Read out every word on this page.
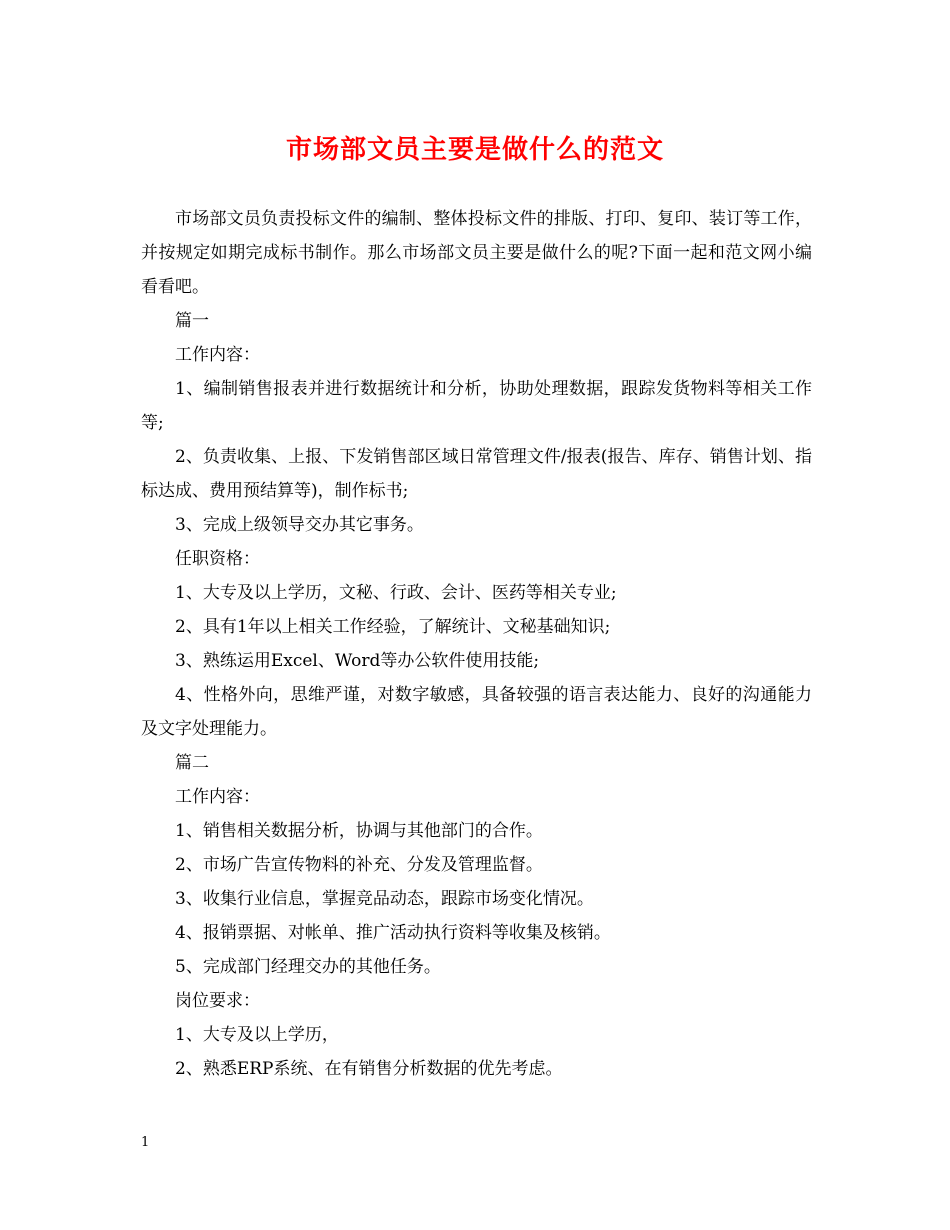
市场部文员主要是做什么的范文

市场部文员负责投标文件的编制、整体投标文件的排版、打印、复印、装订等工作，并按规定如期完成标书制作。那么市场部文员主要是做什么的呢?下面一起和范文网小编看看吧。

篇一

工作内容：

1、编制销售报表并进行数据统计和分析，协助处理数据，跟踪发货物料等相关工作等;

2、负责收集、上报、下发销售部区域日常管理文件/报表(报告、库存、销售计划、指标达成、费用预结算等)，制作标书;

3、完成上级领导交办其它事务。

任职资格：

1、大专及以上学历，文秘、行政、会计、医药等相关专业;

2、具有1年以上相关工作经验，了解统计、文秘基础知识;

3、熟练运用Excel、Word等办公软件使用技能;

4、性格外向，思维严谨，对数字敏感，具备较强的语言表达能力、良好的沟通能力及文字处理能力。

篇二

工作内容：

1、销售相关数据分析，协调与其他部门的合作。

2、市场广告宣传物料的补充、分发及管理监督。

3、收集行业信息，掌握竞品动态，跟踪市场变化情况。

4、报销票据、对帐单、推广活动执行资料等收集及核销。

5、完成部门经理交办的其他任务。

岗位要求：

1、大专及以上学历，

2、熟悉ERP系统、在有销售分析数据的优先考虑。

1
